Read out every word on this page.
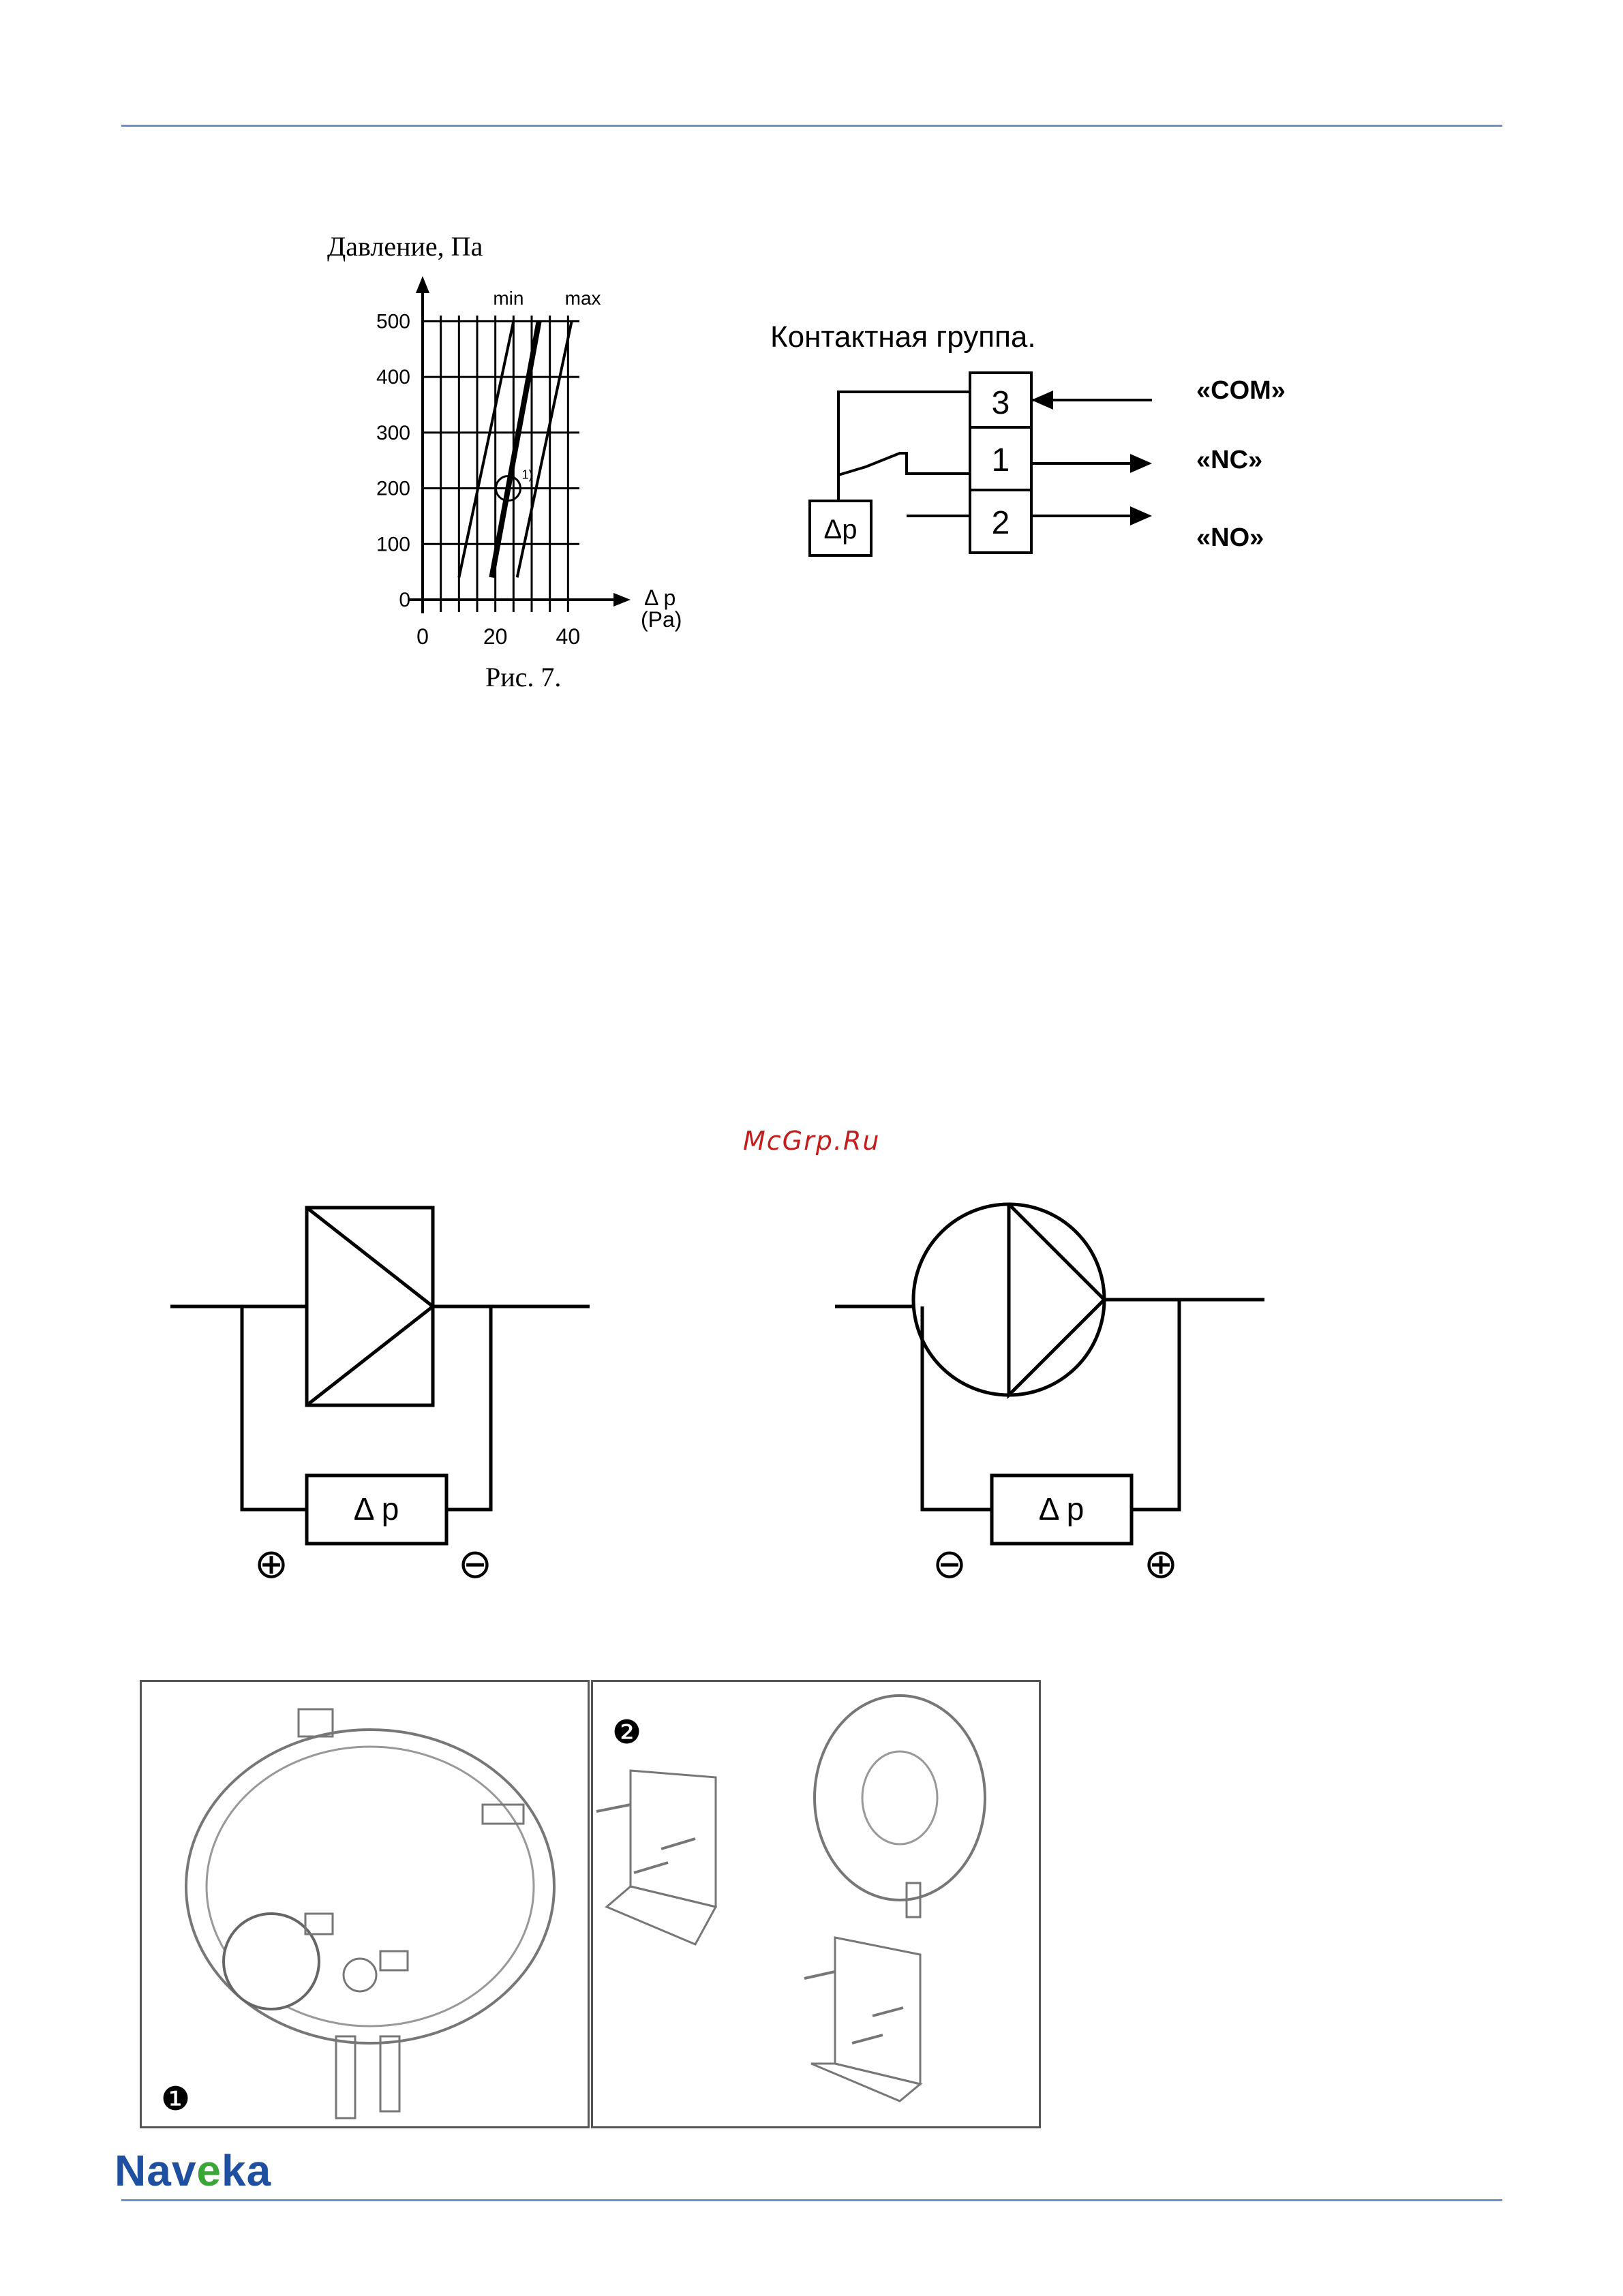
Давление, Па
500
400
300
200
100
0
0 20 40
min max
Δ p
(Pa)
1)
Рис. 7.
Контактная группа.
3
1
2
Δp
«COM»
«NC»
«NO»
McGrp.Ru
Δ p
⊕	⊖
Δ p
⊖	⊕
❶
❷
Naveka
